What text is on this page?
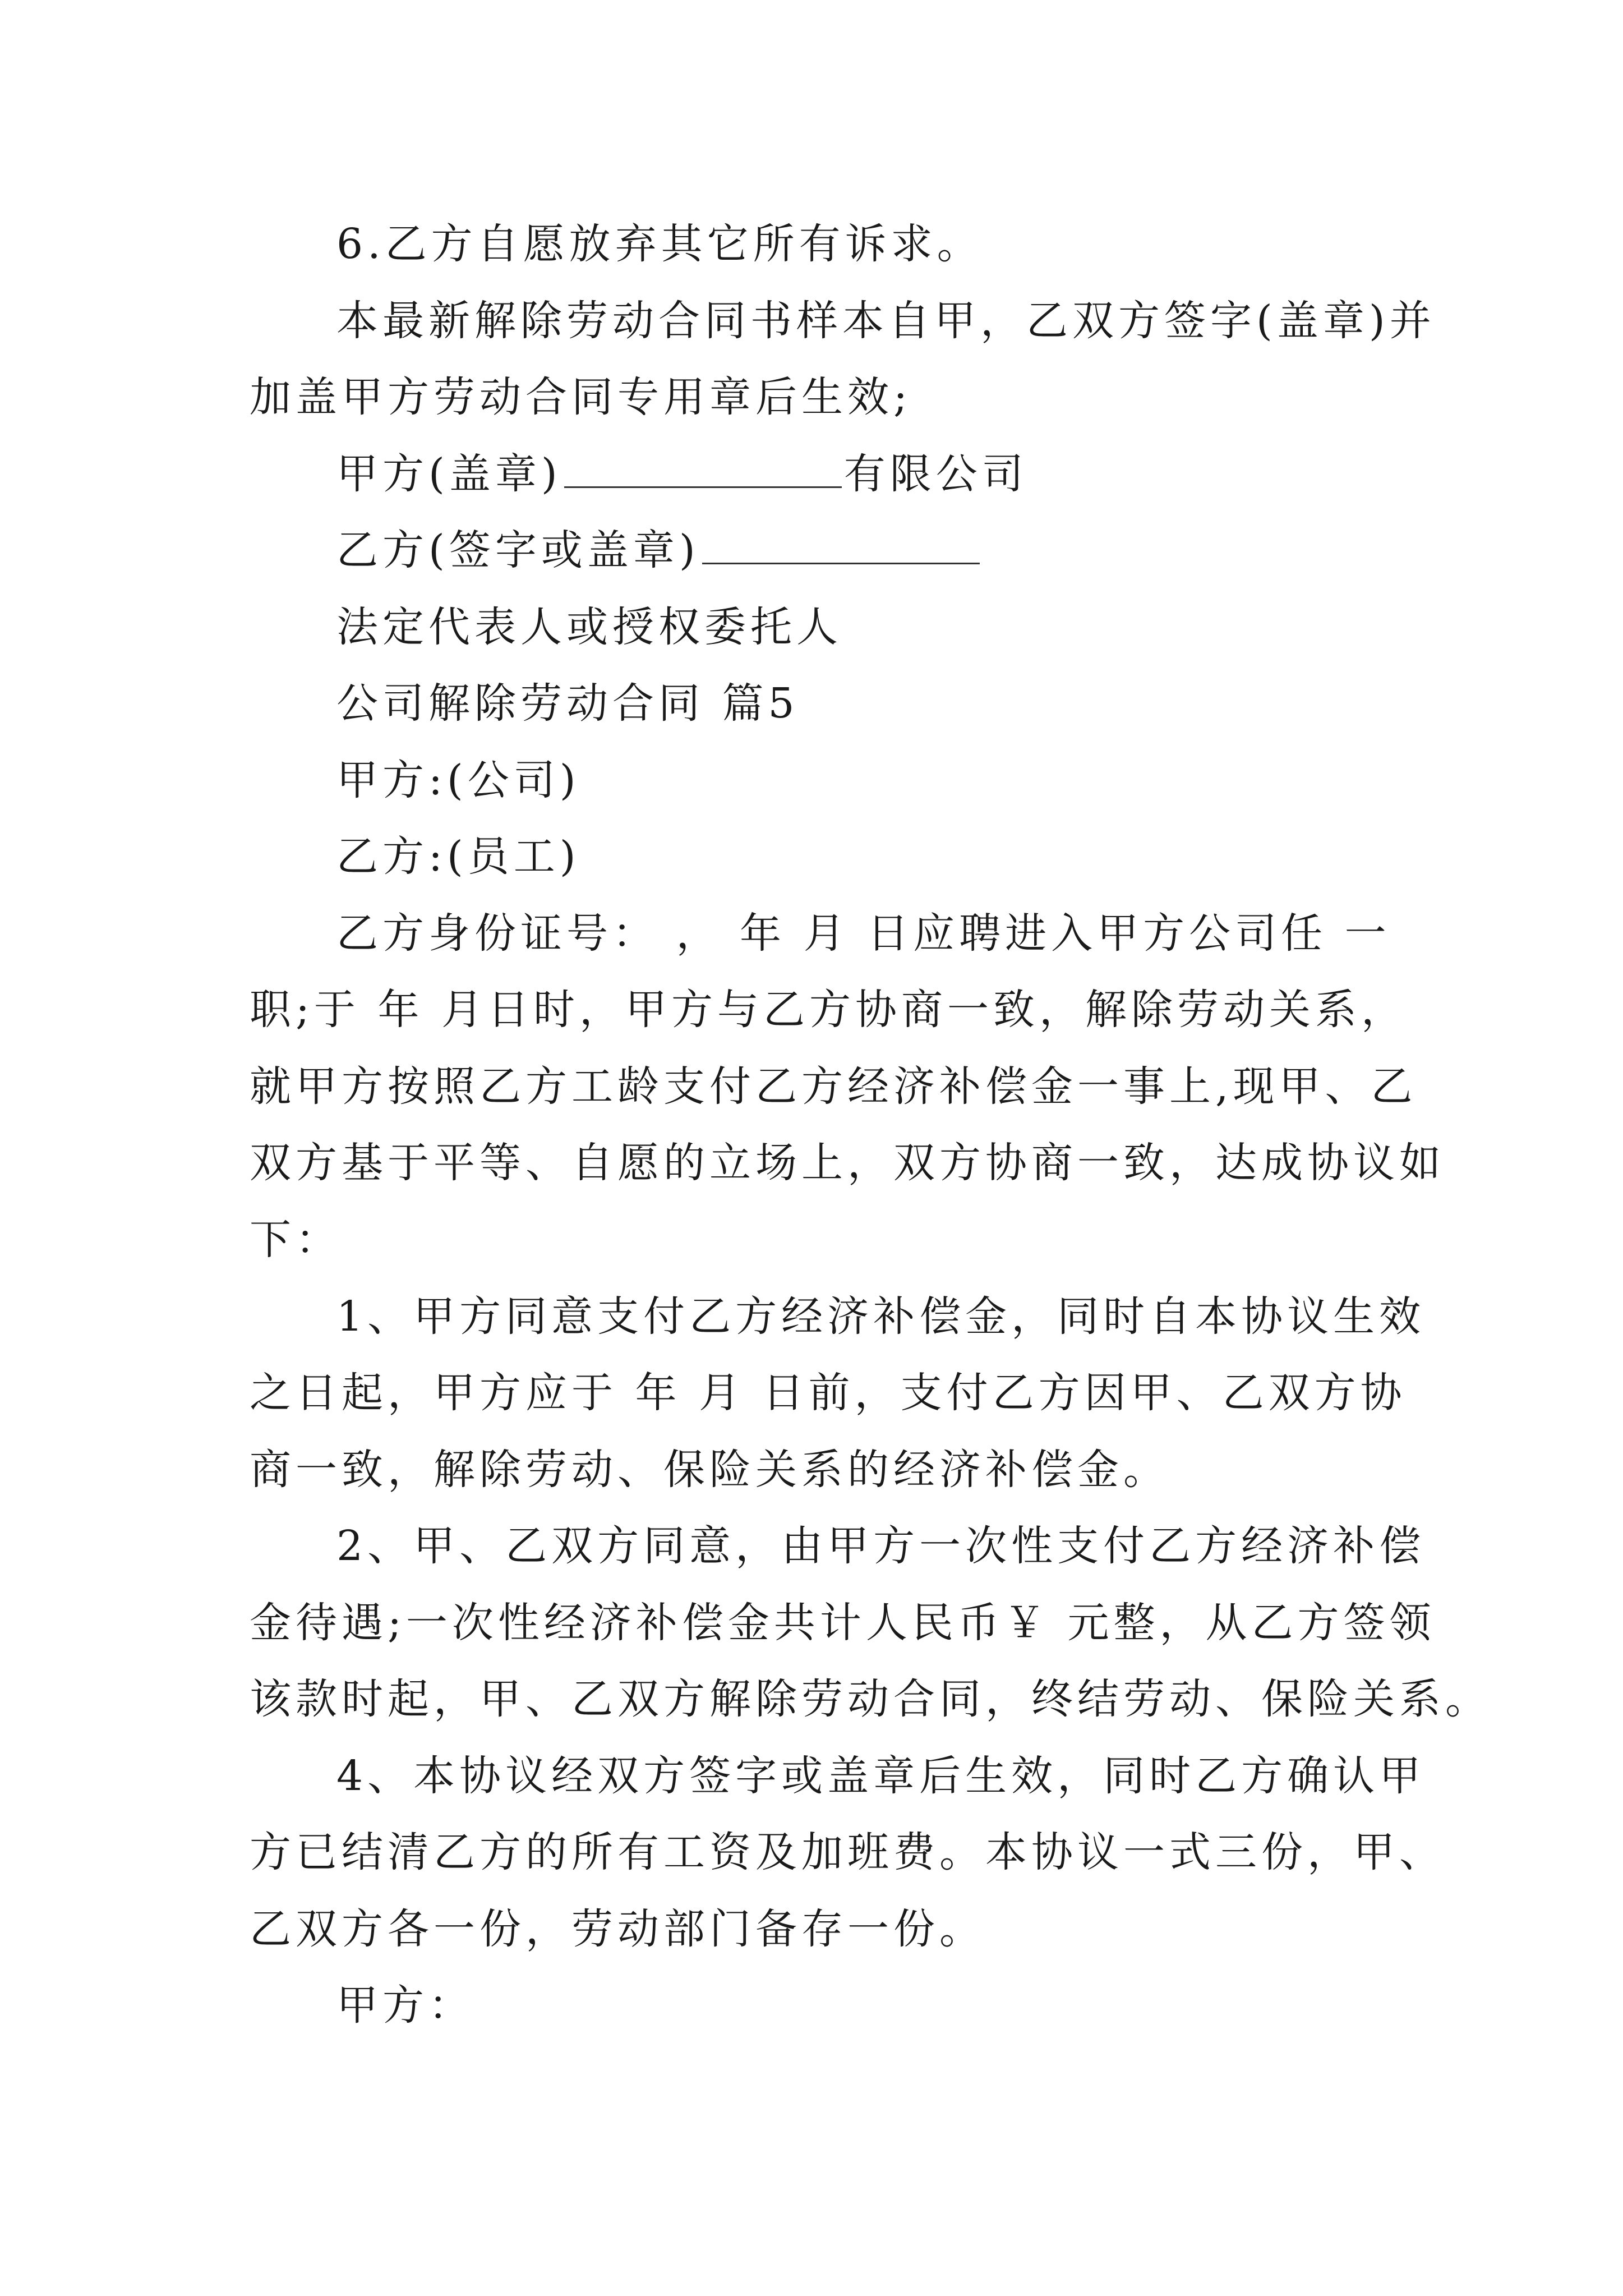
6.乙方自愿放弃其它所有诉求。

本最新解除劳动合同书样本自甲，乙双方签字(盖章)并

加盖甲方劳动合同专用章后生效;

甲方(盖章)	有限公司

乙方(签字或盖章)

法定代表人或授权委托人

公司解除劳动合同 篇5

甲方:(公司)

乙方:(员工)

乙方身份证号： ， 年 月 日应聘进入甲方公司任 一

职;于 年 月日时，甲方与乙方协商一致，解除劳动关系，

就甲方按照乙方工龄支付乙方经济补偿金一事上,现甲、乙

双方基于平等、自愿的立场上，双方协商一致，达成协议如

下：

1、甲方同意支付乙方经济补偿金，同时自本协议生效

之日起，甲方应于 年 月 日前，支付乙方因甲、乙双方协

商一致，解除劳动、保险关系的经济补偿金。

2、甲、乙双方同意，由甲方一次性支付乙方经济补偿

金待遇;一次性经济补偿金共计人民币￥ 元整，从乙方签领

该款时起，甲、乙双方解除劳动合同，终结劳动、保险关系。

4、本协议经双方签字或盖章后生效，同时乙方确认甲

方已结清乙方的所有工资及加班费。本协议一式三份，甲、

乙双方各一份，劳动部门备存一份。

甲方：
